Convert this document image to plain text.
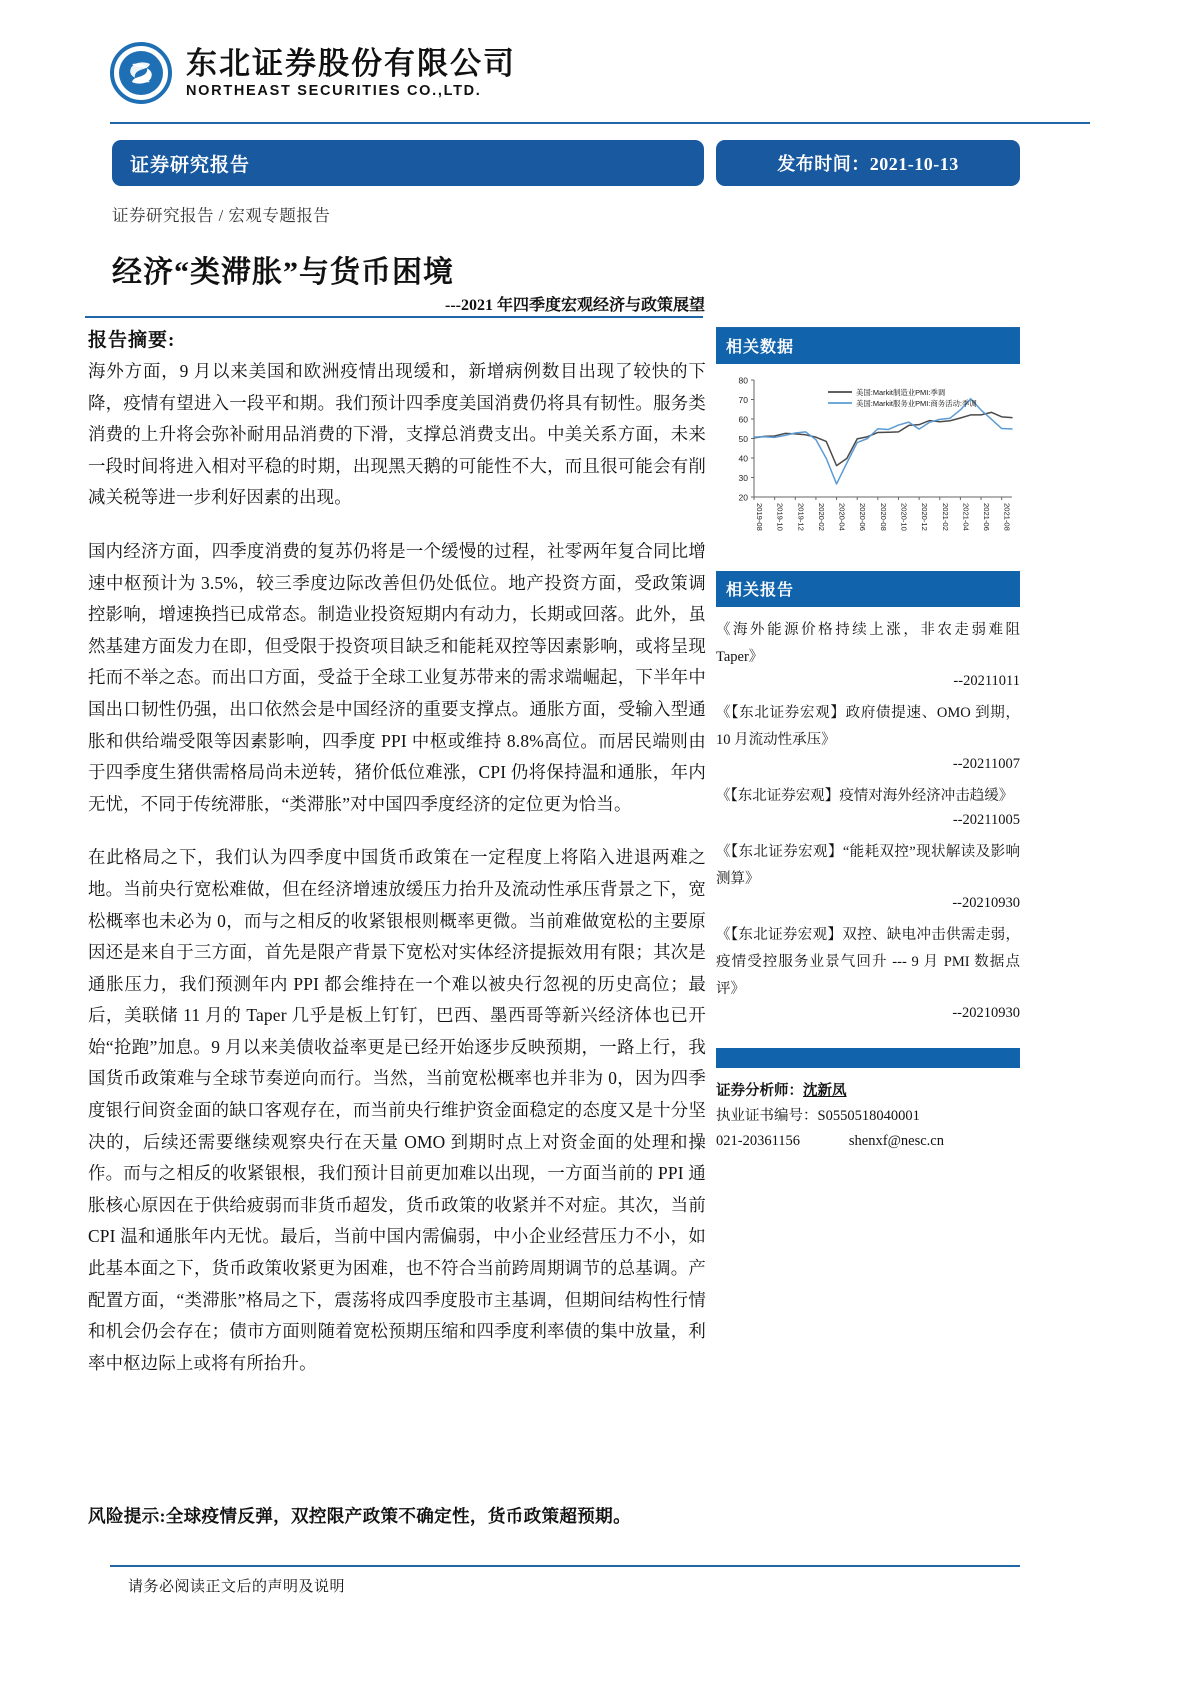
东北证券股份有限公司
NORTHEAST SECURITIES CO.,LTD.
证券研究报告	发布时间：2021-10-13
证券研究报告 / 宏观专题报告
经济“类滞胀”与货币困境
---2021 年四季度宏观经济与政策展望
报告摘要:

海外方面，9 月以来美国和欧洲疫情出现缓和，新增病例数目出现了较快的下降，疫情有望进入一段平和期。我们预计四季度美国消费仍将具有韧性。服务类消费的上升将会弥补耐用品消费的下滑，支撑总消费支出。中美关系方面，未来一段时间将进入相对平稳的时期，出现黑天鹅的可能性不大，而且很可能会有削减关税等进一步利好因素的出现。

国内经济方面，四季度消费的复苏仍将是一个缓慢的过程，社零两年复合同比增速中枢预计为 3.5%，较三季度边际改善但仍处低位。地产投资方面，受政策调控影响，增速换挡已成常态。制造业投资短期内有动力，长期或回落。此外，虽然基建方面发力在即，但受限于投资项目缺乏和能耗双控等因素影响，或将呈现托而不举之态。而出口方面，受益于全球工业复苏带来的需求端崛起，下半年中国出口韧性仍强，出口依然会是中国经济的重要支撑点。通胀方面，受输入型通胀和供给端受限等因素影响，四季度 PPI 中枢或维持 8.8%高位。而居民端则由于四季度生猪供需格局尚未逆转，猪价低位难涨，CPI 仍将保持温和通胀，年内无忧，不同于传统滞胀，“类滞胀”对中国四季度经济的定位更为恰当。

在此格局之下，我们认为四季度中国货币政策在一定程度上将陷入进退两难之地。当前央行宽松难做，但在经济增速放缓压力抬升及流动性承压背景之下，宽松概率也未必为 0，而与之相反的收紧银根则概率更微。当前难做宽松的主要原因还是来自于三方面，首先是限产背景下宽松对实体经济提振效用有限；其次是通胀压力，我们预测年内 PPI 都会维持在一个难以被央行忽视的历史高位；最后，美联储 11 月的 Taper 几乎是板上钉钉，巴西、墨西哥等新兴经济体也已开始“抢跑”加息。9 月以来美债收益率更是已经开始逐步反映预期，一路上行，我国货币政策难与全球节奏逆向而行。当然，当前宽松概率也并非为 0，因为四季度银行间资金面的缺口客观存在，而当前央行维护资金面稳定的态度又是十分坚决的，后续还需要继续观察央行在天量 OMO 到期时点上对资金面的处理和操作。而与之相反的收紧银根，我们预计目前更加难以出现，一方面当前的 PPI 通胀核心原因在于供给疲弱而非货币超发，货币政策的收紧并不对症。其次，当前 CPI 温和通胀年内无忧。最后，当前中国内需偏弱，中小企业经营压力不小，如此基本面之下，货币政策收紧更为困难，也不符合当前跨周期调节的总基调。产配置方面，“类滞胀”格局之下，震荡将成四季度股市主基调，但期间结构性行情和机会仍会存在；债市方面则随着宽松预期压缩和四季度利率债的集中放量，利率中枢边际上或将有所抬升。

风险提示:全球疫情反弹，双控限产政策不确定性，货币政策超预期。
相关数据
20
30
40
50
60
70
80
2019-08 2019-10 2019-12 2020-02 2020-04 2020-06 2020-08 2020-10 2020-12 2021-02 2021-04 2021-06 2021-08
美国:Markit制造业PMI:季调
美国:Markit服务业PMI:商务活动:季调
相关报告
《海外能源价格持续上涨，非农走弱难阻 Taper》
--20211011
《【东北证券宏观】政府债提速、OMO 到期，10 月流动性承压》
--20211007
《【东北证券宏观】疫情对海外经济冲击趋缓》
--20211005
《【东北证券宏观】“能耗双控”现状解读及影响测算》
--20210930
《【东北证券宏观】双控、缺电冲击供需走弱，疫情受控服务业景气回升 --- 9 月 PMI 数据点评》
--20210930
证券分析师：沈新凤
执业证书编号：S0550518040001
021-20361156	shenxf@nesc.cn
请务必阅读正文后的声明及说明
